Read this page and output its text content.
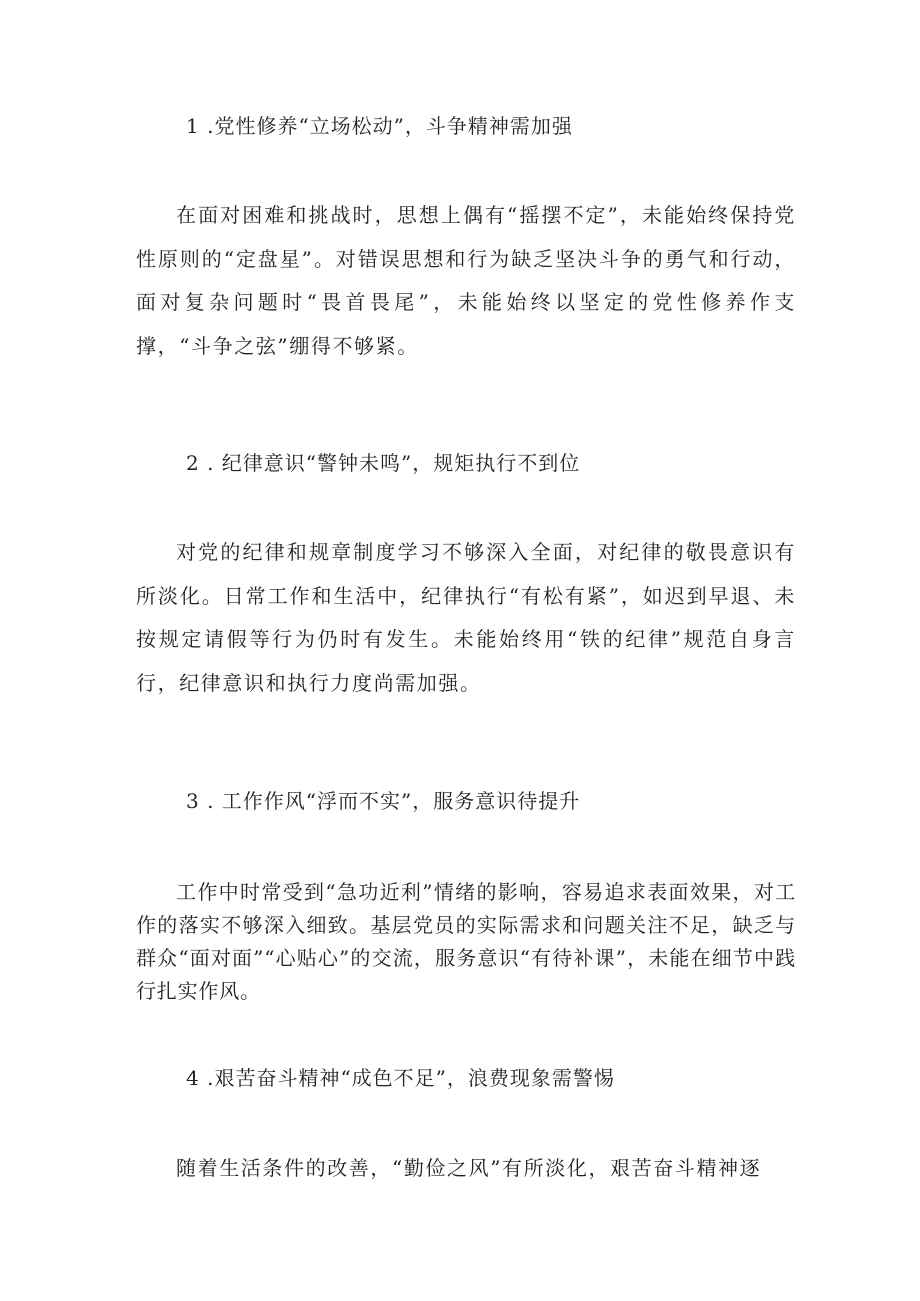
1 .党性修养“立场松动”，斗争精神需加强

在面对困难和挑战时，思想上偶有“摇摆不定”，未能始终保持党性原则的“定盘星”。对错误思想和行为缺乏坚决斗争的勇气和行动，面对复杂问题时“畏首畏尾”，未能始终以坚定的党性修养作支撑，“斗争之弦”绷得不够紧。

2 . 纪律意识“警钟未鸣”，规矩执行不到位

对党的纪律和规章制度学习不够深入全面，对纪律的敬畏意识有所淡化。日常工作和生活中，纪律执行“有松有紧”，如迟到早退、未按规定请假等行为仍时有发生。未能始终用“铁的纪律”规范自身言行，纪律意识和执行力度尚需加强。

3 . 工作作风“浮而不实”，服务意识待提升

工作中时常受到“急功近利”情绪的影响，容易追求表面效果，对工作的落实不够深入细致。基层党员的实际需求和问题关注不足，缺乏与群众“面对面”“心贴心”的交流，服务意识“有待补课”，未能在细节中践行扎实作风。

4 .艰苦奋斗精神“成色不足”，浪费现象需警惕

随着生活条件的改善，“勤俭之风”有所淡化，艰苦奋斗精神逐
